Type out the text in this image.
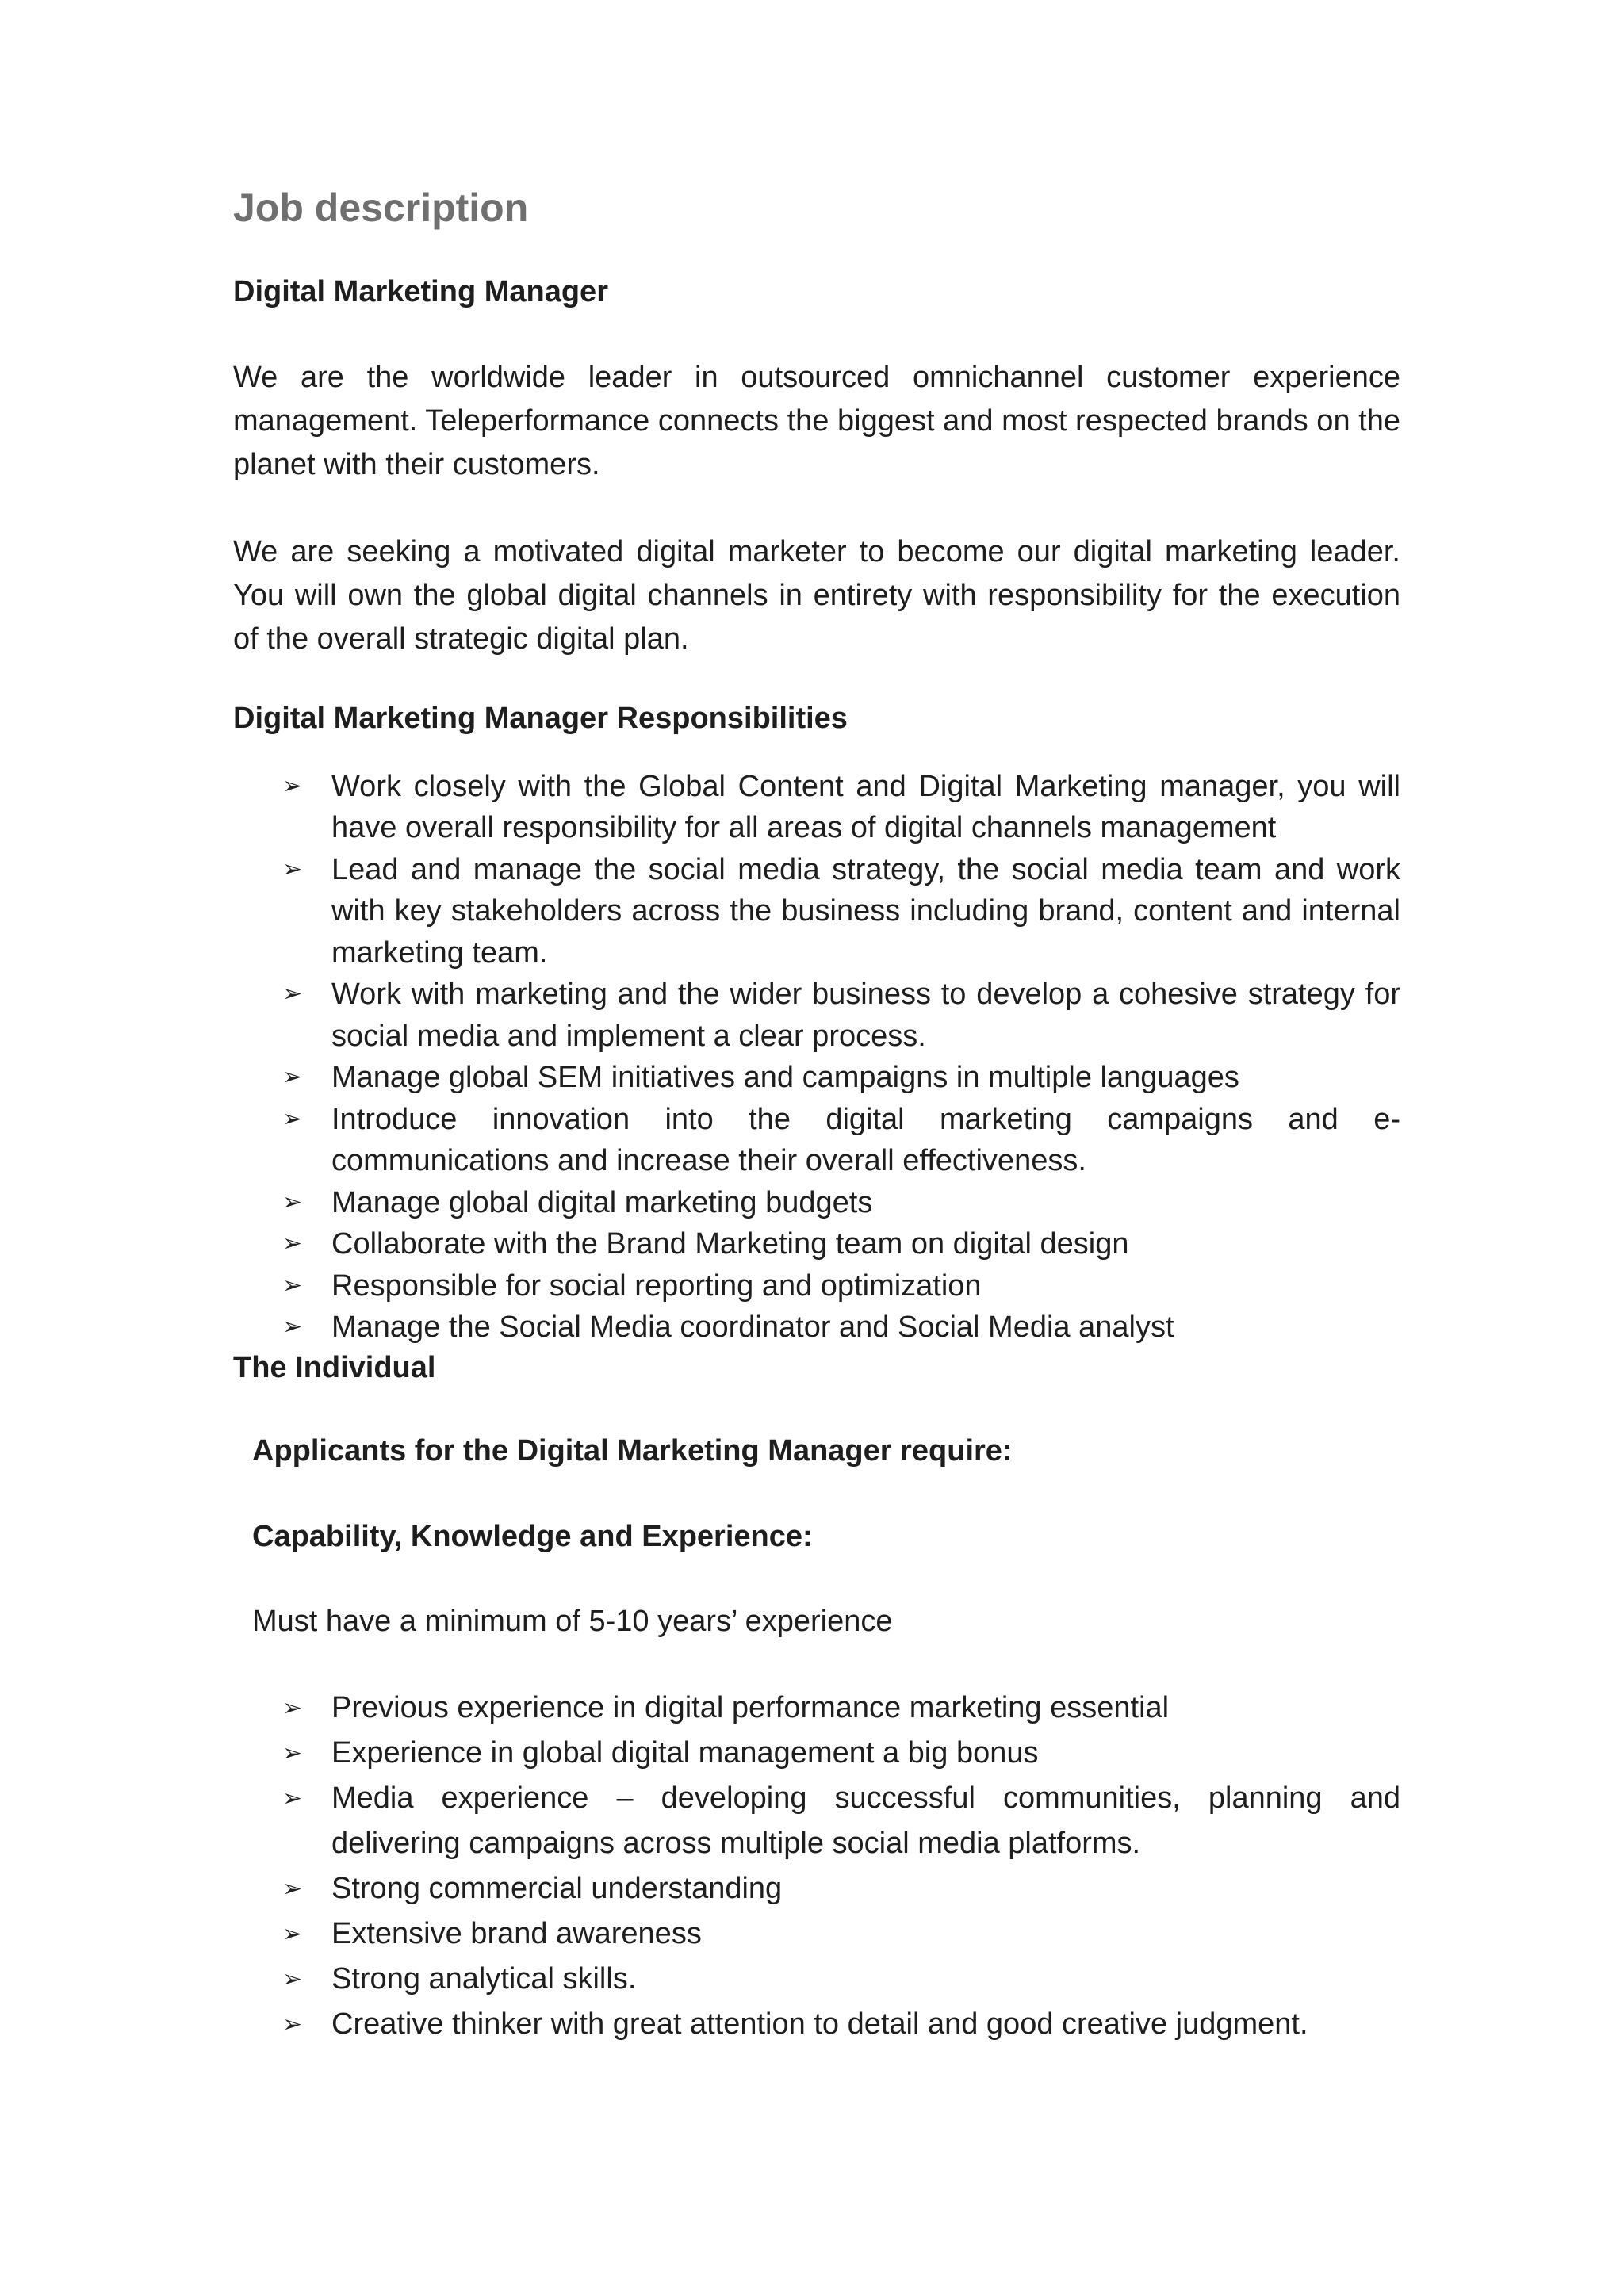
Job description
Digital Marketing Manager

We are the worldwide leader in outsourced omnichannel customer experience management. Teleperformance connects the biggest and most respected brands on the planet with their customers.

We are seeking a motivated digital marketer to become our digital marketing leader. You will own the global digital channels in entirety with responsibility for the execution of the overall strategic digital plan.

Digital Marketing Manager Responsibilities
➢ Work closely with the Global Content and Digital Marketing manager, you will have overall responsibility for all areas of digital channels management
➢ Lead and manage the social media strategy, the social media team and work with key stakeholders across the business including brand, content and internal marketing team.
➢ Work with marketing and the wider business to develop a cohesive strategy for social media and implement a clear process.
➢ Manage global SEM initiatives and campaigns in multiple languages
➢ Introduce innovation into the digital marketing campaigns and e-communications and increase their overall effectiveness.
➢ Manage global digital marketing budgets
➢ Collaborate with the Brand Marketing team on digital design
➢ Responsible for social reporting and optimization
➢ Manage the Social Media coordinator and Social Media analyst
The Individual
Applicants for the Digital Marketing Manager require:
Capability, Knowledge and Experience:
Must have a minimum of 5-10 years’ experience
➢ Previous experience in digital performance marketing essential
➢ Experience in global digital management a big bonus
➢ Media experience – developing successful communities, planning and delivering campaigns across multiple social media platforms.
➢ Strong commercial understanding
➢ Extensive brand awareness
➢ Strong analytical skills.
➢ Creative thinker with great attention to detail and good creative judgment.
